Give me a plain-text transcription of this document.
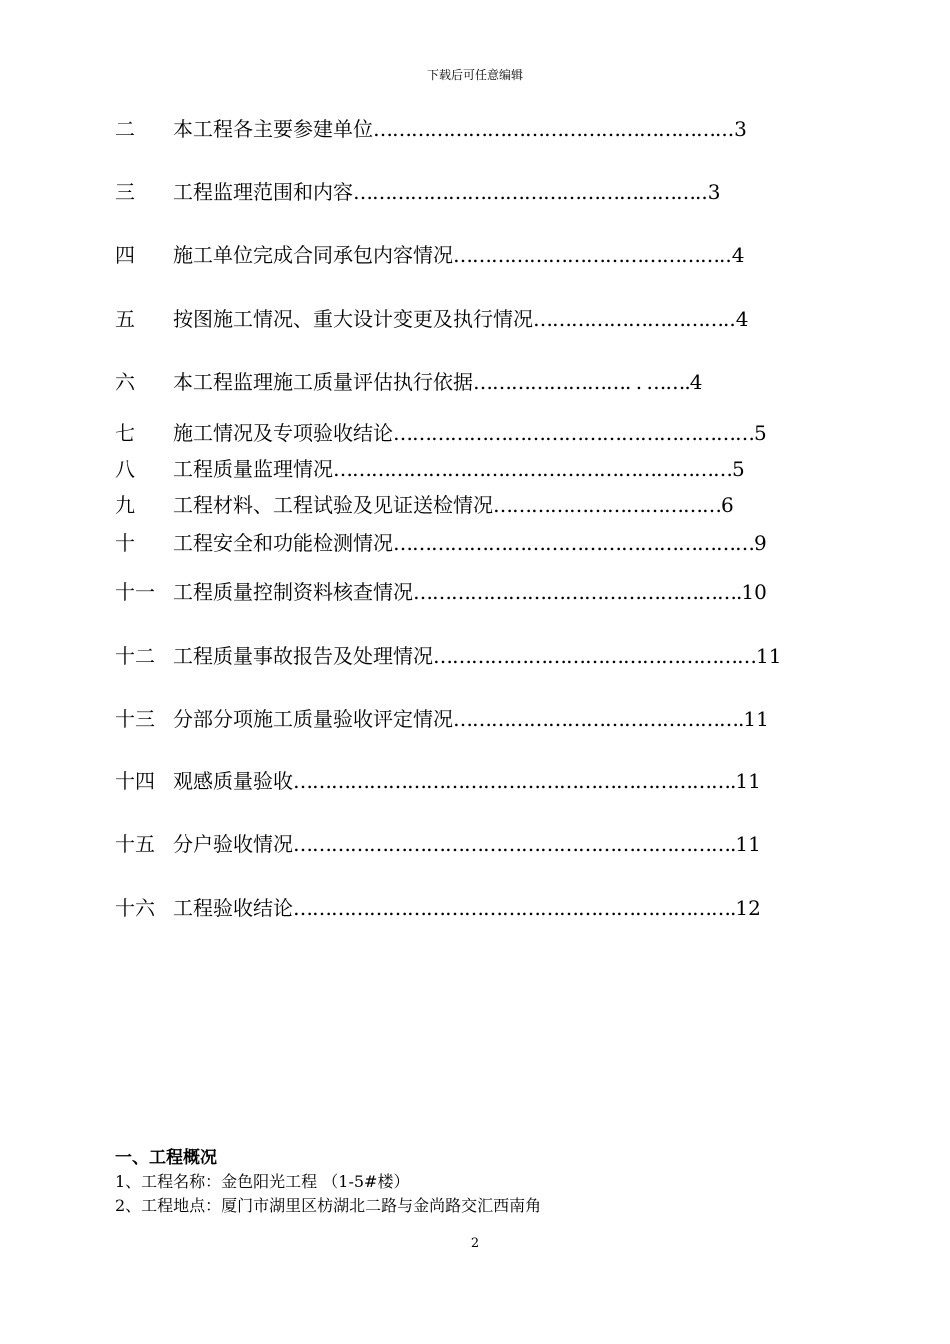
下载后可任意编辑
二 本工程各主要参建单位………………………………………………...3
三 工程监理范围和内容………………………………………………..3
四 施工单位完成合同承包内容情况……………………………………..4
五 按图施工情况、重大设计变更及执行情况…………………………..4
六 本工程监理施工质量评估执行依据……………………. . …….4
七 施工情况及专项验收结论…………………………………………………5
八 工程质量监理情况………………………………………………………5
九 工程材料、工程试验及见证送检情况………………………………6
十 工程安全和功能检测情况…………………………………………………9
十一 工程质量控制资料核查情况…………………………………………….10
十二 工程质量事故报告及处理情况……………………………………………11
十三 分部分项施工质量验收评定情况……………………………………….11
十四 观感质量验收…………………………………………………………….11
十五 分户验收情况…………………………………………………………….11
十六 工程验收结论…………………………………………………………….12
一、工程概况
1、工程名称：金色阳光工程 （1-5#楼）
2、工程地点：厦门市湖里区枋湖北二路与金尚路交汇西南角
2
